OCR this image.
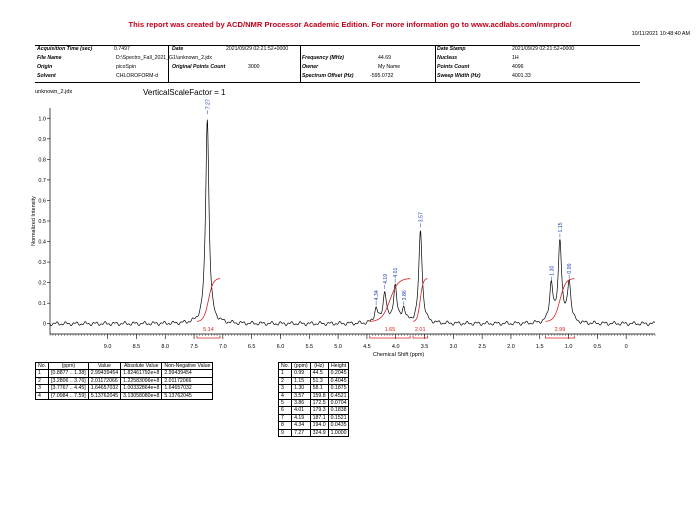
This report was created by ACD/NMR Processor Academic Edition. For more information go to www.acdlabs.com/nmrproc/
10/11/2021 10:48:40 AM
Acquisition Time (sec)	0.7497	Date	2021/09/29 02:21:52+0000	Date Stamp	2021/09/29 02:21:52+0000
File Name	D:\Spectro_Fall_2021_G1\unknown_2.jdx	Frequency (MHz)	44.69	Nucleus	1H
Origin	picoSpin	Original Points Count	3000	Owner	My Name	Points Count	4096
Solvent	CHLOROFORM-d	Spectrum Offset (Hz)	-595.0732	Sweep Width (Hz)	4001.33
unknown_2.jdx	VerticalScaleFactor = 1
0
0.1
0.2
0.3
0.4
0.5
0.6
0.7
0.8
0.9
1.0
Normalized Intensity
9.0	8.5	8.0	7.5	7.0	6.5	6.0	5.5	5.0	4.5	4.0	3.5	3.0	2.5	2.0	1.5	1.0	0.5	0
Chemical Shift (ppm)
5.14	1.65	2.01	2.99
7.27
4.34
4.19
4.01
3.86
3.57
1.30
1.15
0.99
No.	(ppm)	Value	Absolute Value	Non-Negative Value
1	[0.8877 .. 1.38]	2.99439454	1.82461792e+8	2.99439454
2	[3.2806 .. 3.76]	2.01172066	1.22583096e+8	2.01172066
3	[3.7767 .. 4.45]	1.64657032	1.00332864e+8	1.64657032
4	[7.0984 .. 7.59]	5.13762045	3.13058080e+8	5.13762045
No.	(ppm)	(Hz)	Height
1	0.99	44.5	0.2045
2	1.15	51.3	0.4045
3	1.30	58.1	0.1875
4	3.57	159.8	0.4521
5	3.86	172.5	0.0704
6	4.01	179.3	0.1838
7	4.19	187.1	0.1521
8	4.34	194.0	0.0435
9	7.27	324.9	1.0000
